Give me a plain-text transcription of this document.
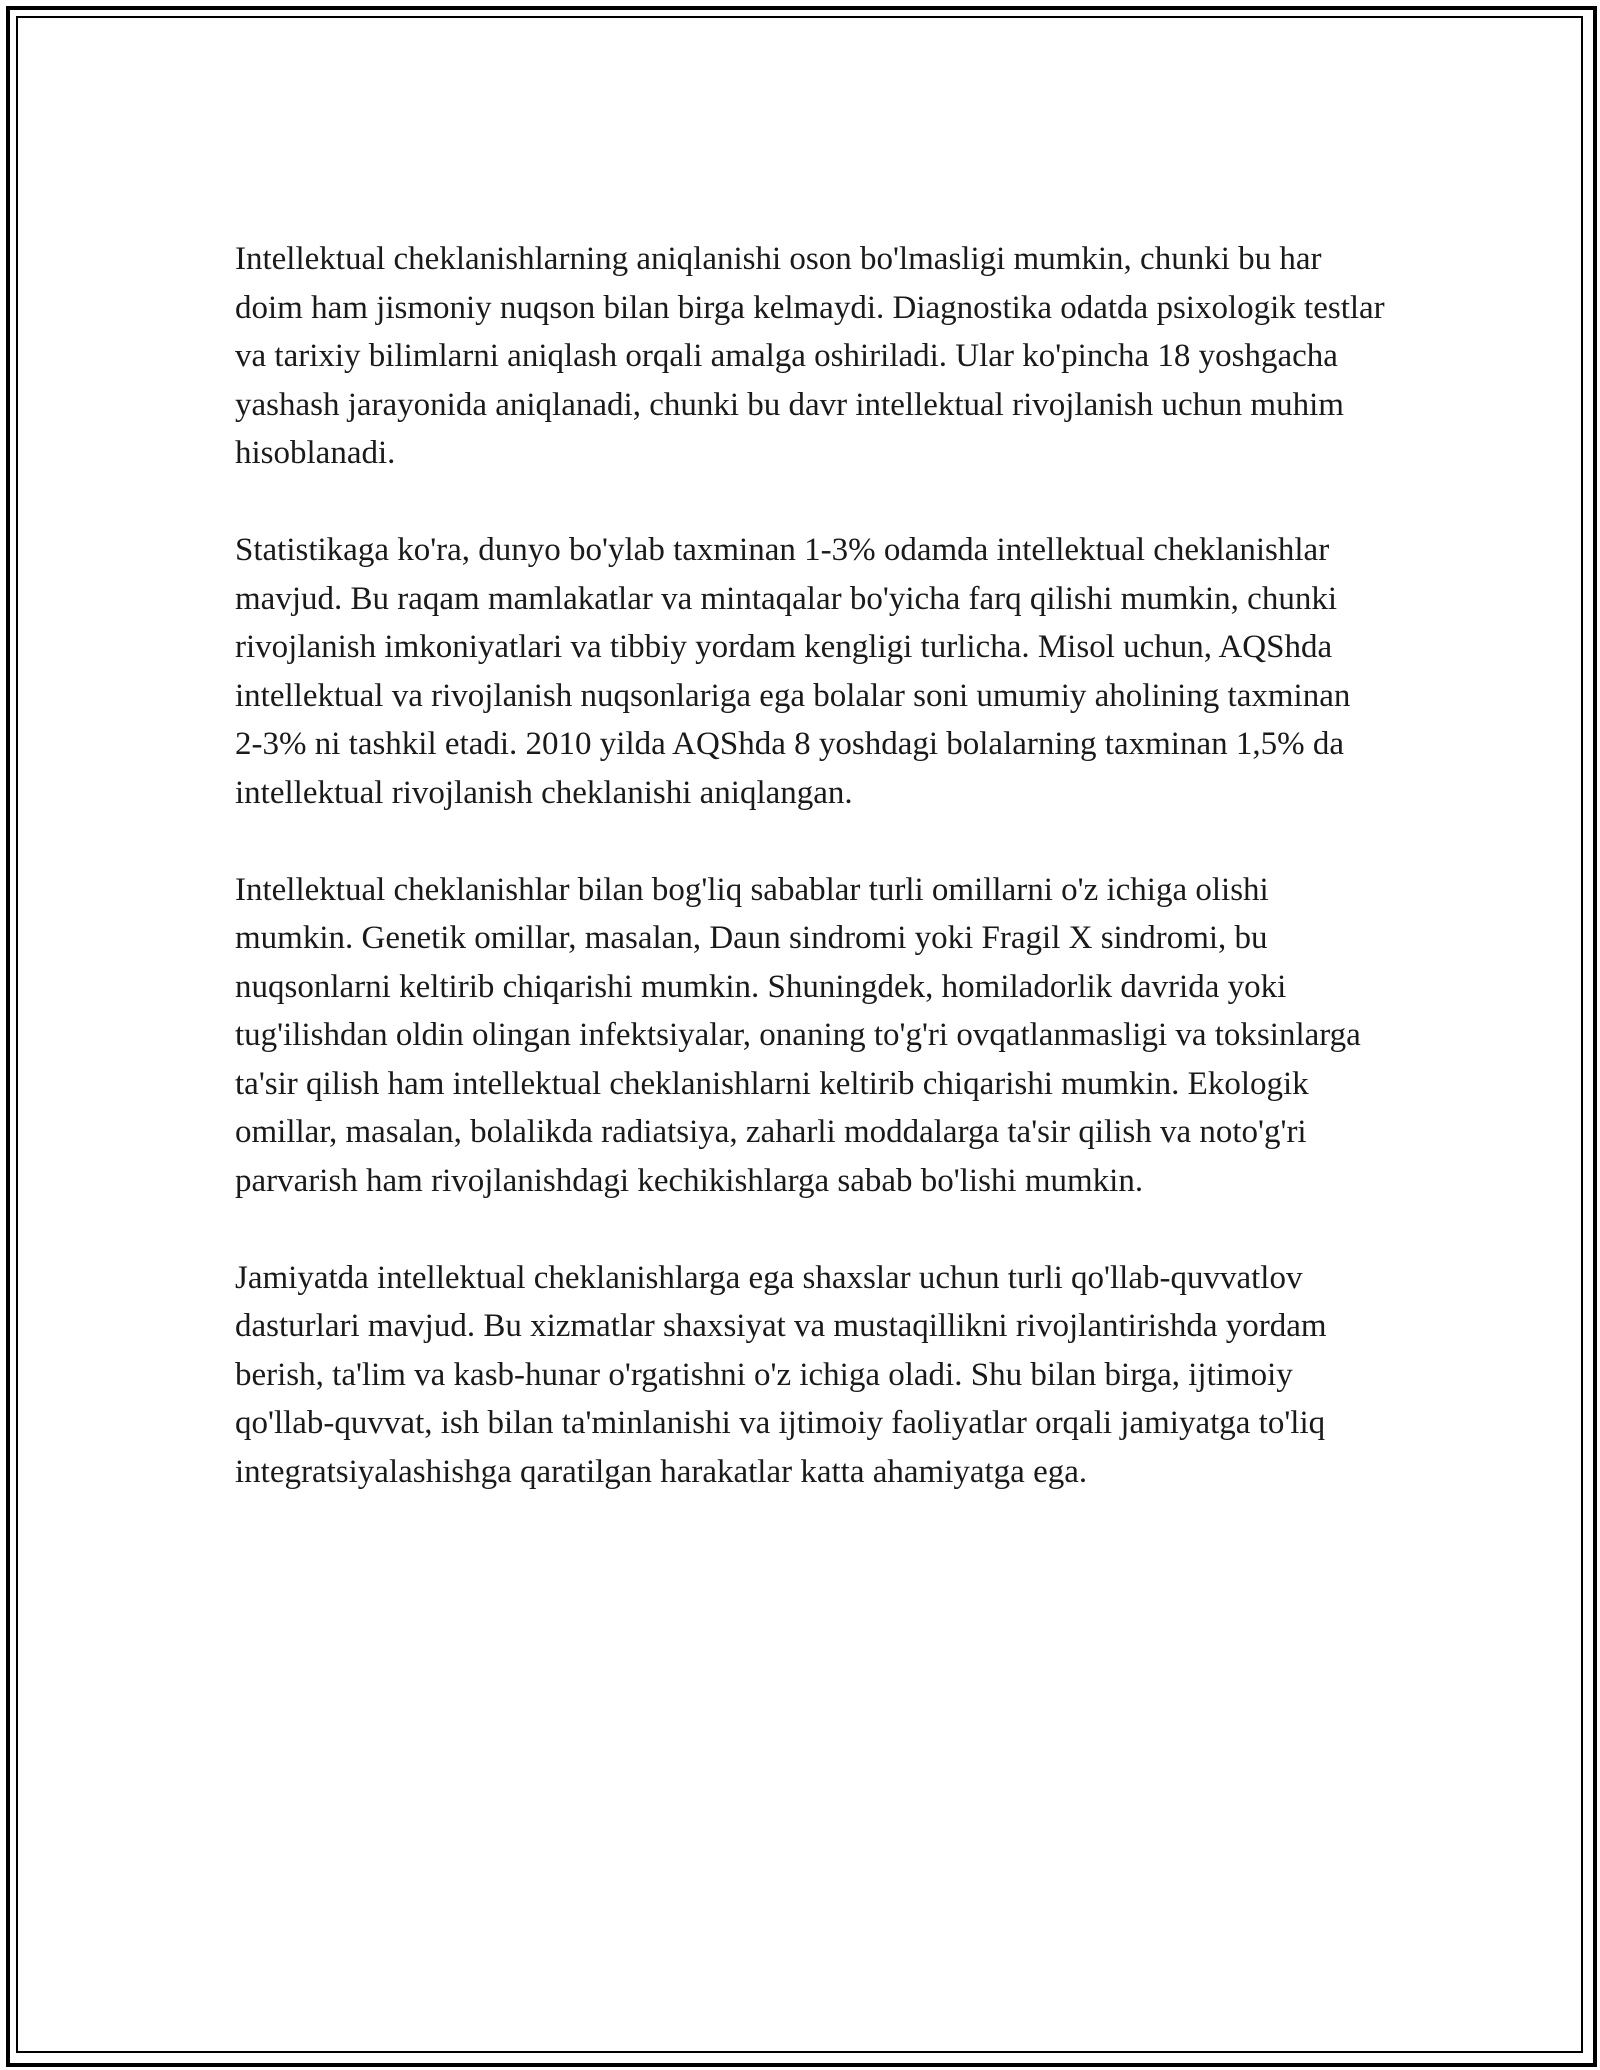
Intellektual cheklanishlarning aniqlanishi oson bo'lmasligi mumkin, chunki bu har doim ham jismoniy nuqson bilan birga kelmaydi. Diagnostika odatda psixologik testlar va tarixiy bilimlarni aniqlash orqali amalga oshiriladi. Ular ko'pincha 18 yoshgacha yashash jarayonida aniqlanadi, chunki bu davr intellektual rivojlanish uchun muhim hisoblanadi.

Statistikaga ko'ra, dunyo bo'ylab taxminan 1-3% odamda intellektual cheklanishlar mavjud. Bu raqam mamlakatlar va mintaqalar bo'yicha farq qilishi mumkin, chunki rivojlanish imkoniyatlari va tibbiy yordam kengligi turlicha. Misol uchun, AQShda intellektual va rivojlanish nuqsonlariga ega bolalar soni umumiy aholining taxminan 2-3% ni tashkil etadi. 2010 yilda AQShda 8 yoshdagi bolalarning taxminan 1,5% da intellektual rivojlanish cheklanishi aniqlangan.

Intellektual cheklanishlar bilan bog'liq sabablar turli omillarni o'z ichiga olishi mumkin. Genetik omillar, masalan, Daun sindromi yoki Fragil X sindromi, bu nuqsonlarni keltirib chiqarishi mumkin. Shuningdek, homiladorlik davrida yoki tug'ilishdan oldin olingan infektsiyalar, onaning to'g'ri ovqatlanmasligi va toksinlarga ta'sir qilish ham intellektual cheklanishlarni keltirib chiqarishi mumkin. Ekologik omillar, masalan, bolalikda radiatsiya, zaharli moddalarga ta'sir qilish va noto'g'ri parvarish ham rivojlanishdagi kechikishlarga sabab bo'lishi mumkin.

Jamiyatda intellektual cheklanishlarga ega shaxslar uchun turli qo'llab-quvvatlov dasturlari mavjud. Bu xizmatlar shaxsiyat va mustaqillikni rivojlantirishda yordam berish, ta'lim va kasb-hunar o'rgatishni o'z ichiga oladi. Shu bilan birga, ijtimoiy qo'llab-quvvat, ish bilan ta'minlanishi va ijtimoiy faoliyatlar orqali jamiyatga to'liq integratsiyalashishga qaratilgan harakatlar katta ahamiyatga ega.
